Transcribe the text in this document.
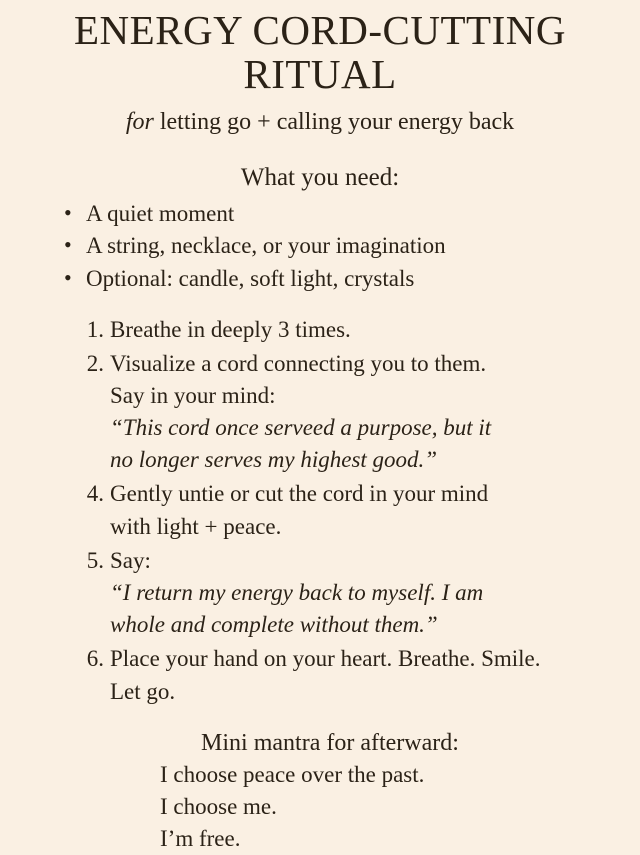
ENERGY CORD-CUTTING RITUAL
for letting go + calling your energy back
What you need:
• A quiet moment
• A string, necklace, or your imagination
• Optional: candle, soft light, crystals
1. Breathe in deeply 3 times.
2. Visualize a cord connecting you to them.
Say in your mind:
“This cord once serveed a purpose, but it
no longer serves my highest good.”
4. Gently untie or cut the cord in your mind
with light + peace.
5. Say:
“I return my energy back to myself. I am
whole and complete without them.”
6. Place your hand on your heart. Breathe. Smile.
Let go.
Mini mantra for afterward:
I choose peace over the past.
I choose me.
I’m free.
